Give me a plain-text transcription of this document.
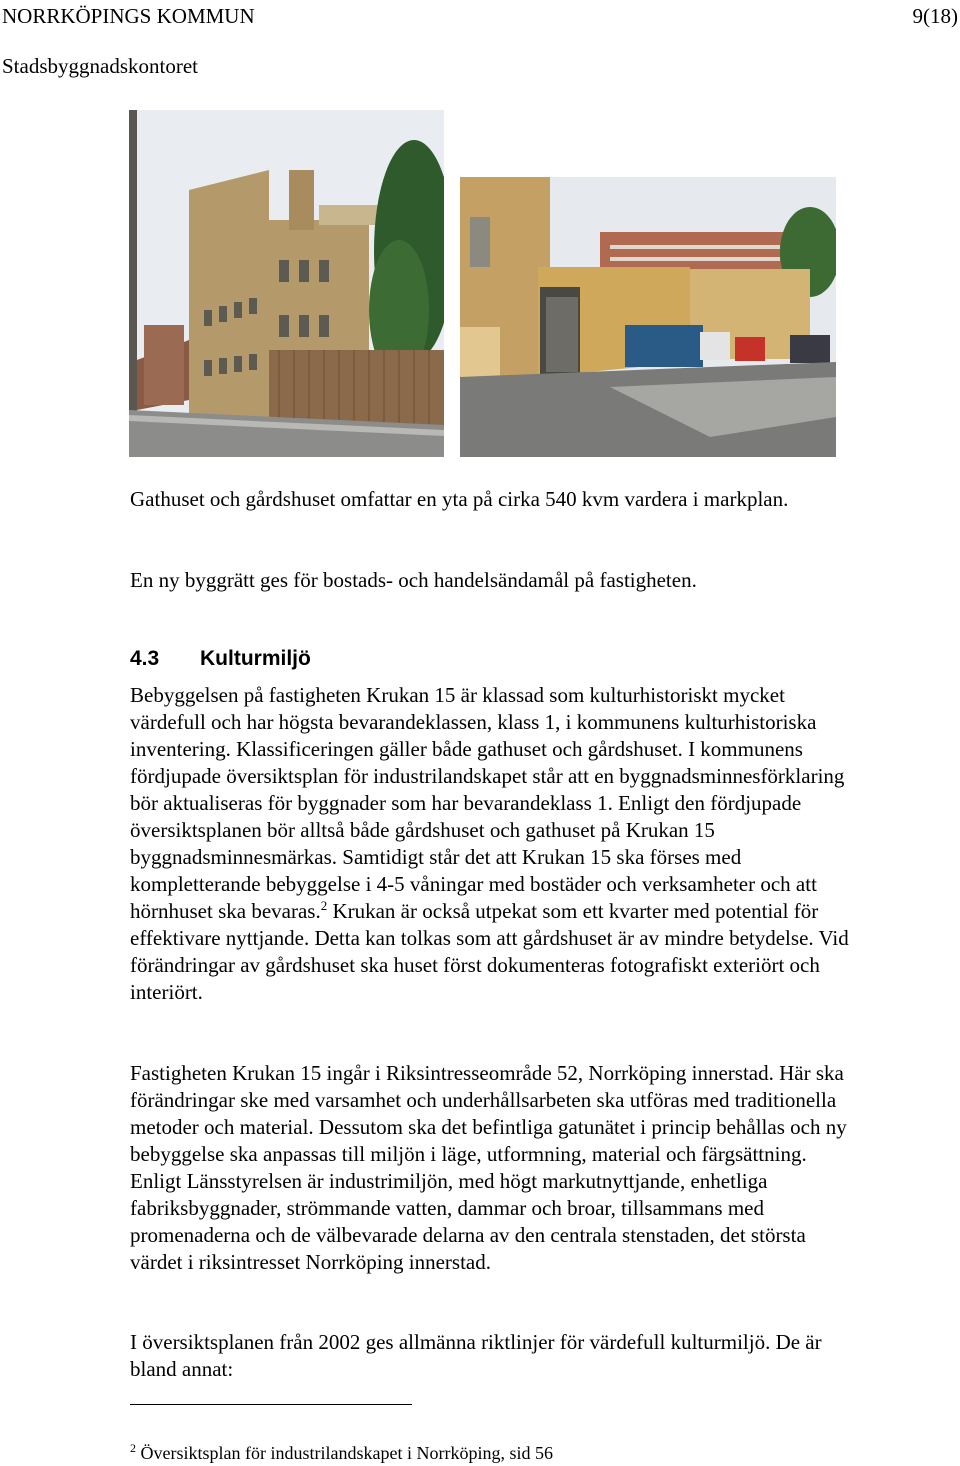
NORRKÖPINGS KOMMUN	9(18)
Stadsbyggnadskontoret

Gathuset och gårdshuset omfattar en yta på cirka 540 kvm vardera i markplan.

En ny byggrätt ges för bostads- och handelsändamål på fastigheten.

4.3 Kulturmiljö

Bebyggelsen på fastigheten Krukan 15 är klassad som kulturhistoriskt mycket värdefull och har högsta bevarandeklassen, klass 1, i kommunens kulturhistoriska inventering. Klassificeringen gäller både gathuset och gårdshuset. I kommunens fördjupade översiktsplan för industrilandskapet står att en byggnadsminnesförklaring bör aktualiseras för byggnader som har bevarandeklass 1. Enligt den fördjupade översiktsplanen bör alltså både gårdshuset och gathuset på Krukan 15 byggnadsminnesmärkas. Samtidigt står det att Krukan 15 ska förses med kompletterande bebyggelse i 4-5 våningar med bostäder och verksamheter och att hörnhuset ska bevaras.$^2$ Krukan är också utpekat som ett kvarter med potential för effektivare nyttjande. Detta kan tolkas som att gårdshuset är av mindre betydelse. Vid förändringar av gårdshuset ska huset först dokumenteras fotografiskt exteriört och interiört.

Fastigheten Krukan 15 ingår i Riksintresseområde 52, Norrköping innerstad. Här ska förändringar ske med varsamhet och underhållsarbeten ska utföras med traditionella metoder och material. Dessutom ska det befintliga gatunätet i princip behållas och ny bebyggelse ska anpassas till miljön i läge, utformning, material och färgsättning. Enligt Länsstyrelsen är industrimiljön, med högt markutnyttjande, enhetliga fabriksbyggnader, strömmande vatten, dammar och broar, tillsammans med promenaderna och de välbevarade delarna av den centrala stenstaden, det största värdet i riksintresset Norrköping innerstad.

I översiktsplanen från 2002 ges allmänna riktlinjer för värdefull kulturmiljö. De är bland annat:

$^2$ Översiktsplan för industrilandskapet i Norrköping, sid 56
